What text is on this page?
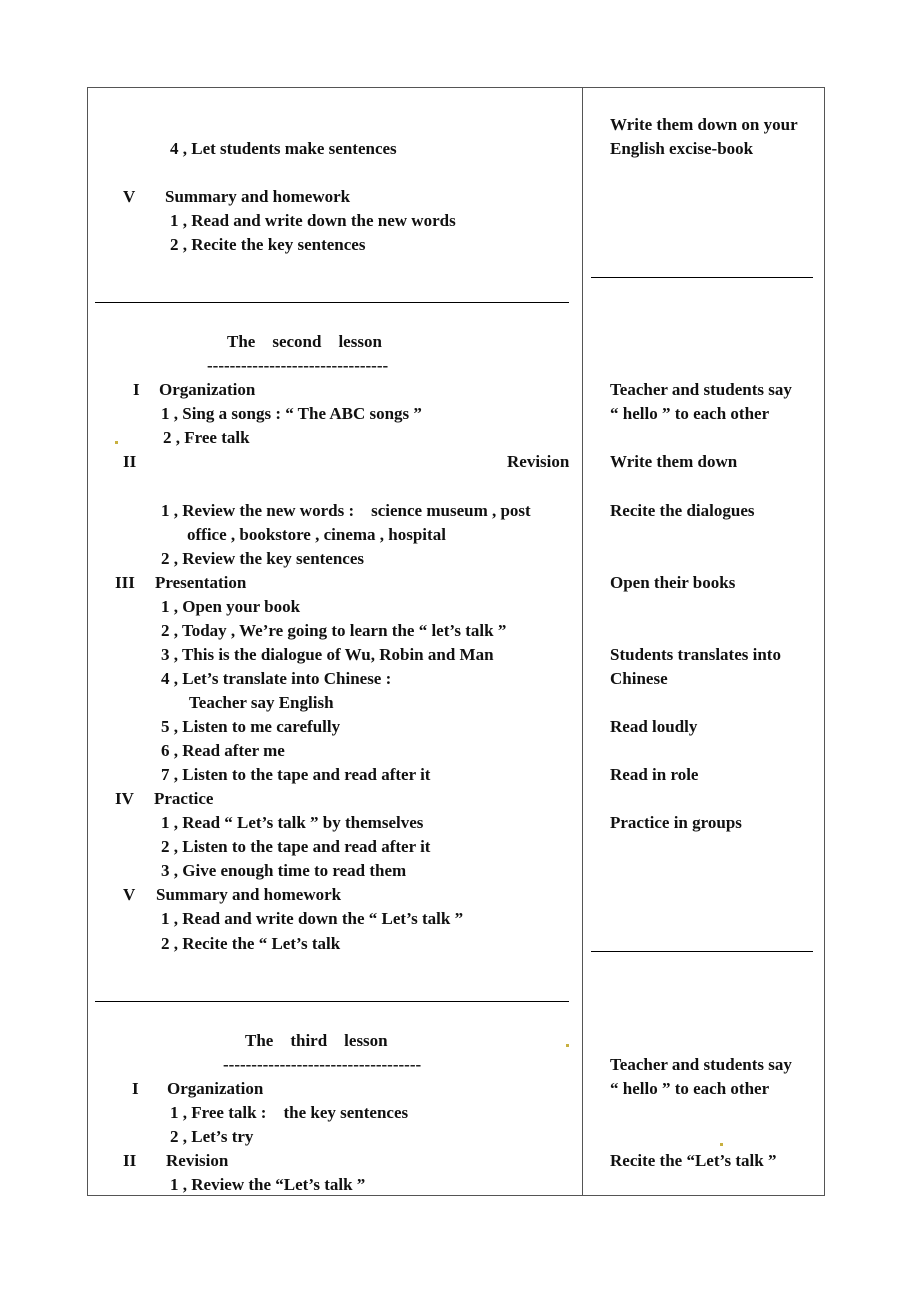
4 , Let students make sentences
V Summary and homework
1 , Read and write down the new words
2 , Recite the key sentences
The    second    lesson
--------------------------------
I Organization
1 , Sing a songs : “ The ABC songs ”
2 , Free talk
II	Revision
1 , Review the new words :    science museum , post
office , bookstore , cinema , hospital
2 , Review the key sentences
III Presentation
1 , Open your book
2 , Today , We’re going to learn the “ let’s talk ”
3 , This is the dialogue of Wu, Robin and Man
4 , Let’s translate into Chinese :
Teacher say English
5 , Listen to me carefully
6 , Read after me
7 , Listen to the tape and read after it
IV Practice
1 , Read “ Let’s talk ” by themselves
2 , Listen to the tape and read after it
3 , Give enough time to read them
V Summary and homework
1 , Read and write down the “ Let’s talk ”
2 , Recite the “ Let’s talk
The    third    lesson
-----------------------------------
I Organization
1 , Free talk :    the key sentences
2 , Let’s try
II Revision
1 , Review the “Let’s talk ”
Write them down on your
English excise-book
Teacher and students say
“ hello ” to each other
Write them down
Recite the dialogues
Open their books
Students translates into
Chinese
Read loudly
Read in role
Practice in groups
Teacher and students say
“ hello ” to each other
Recite the “Let’s talk ”
